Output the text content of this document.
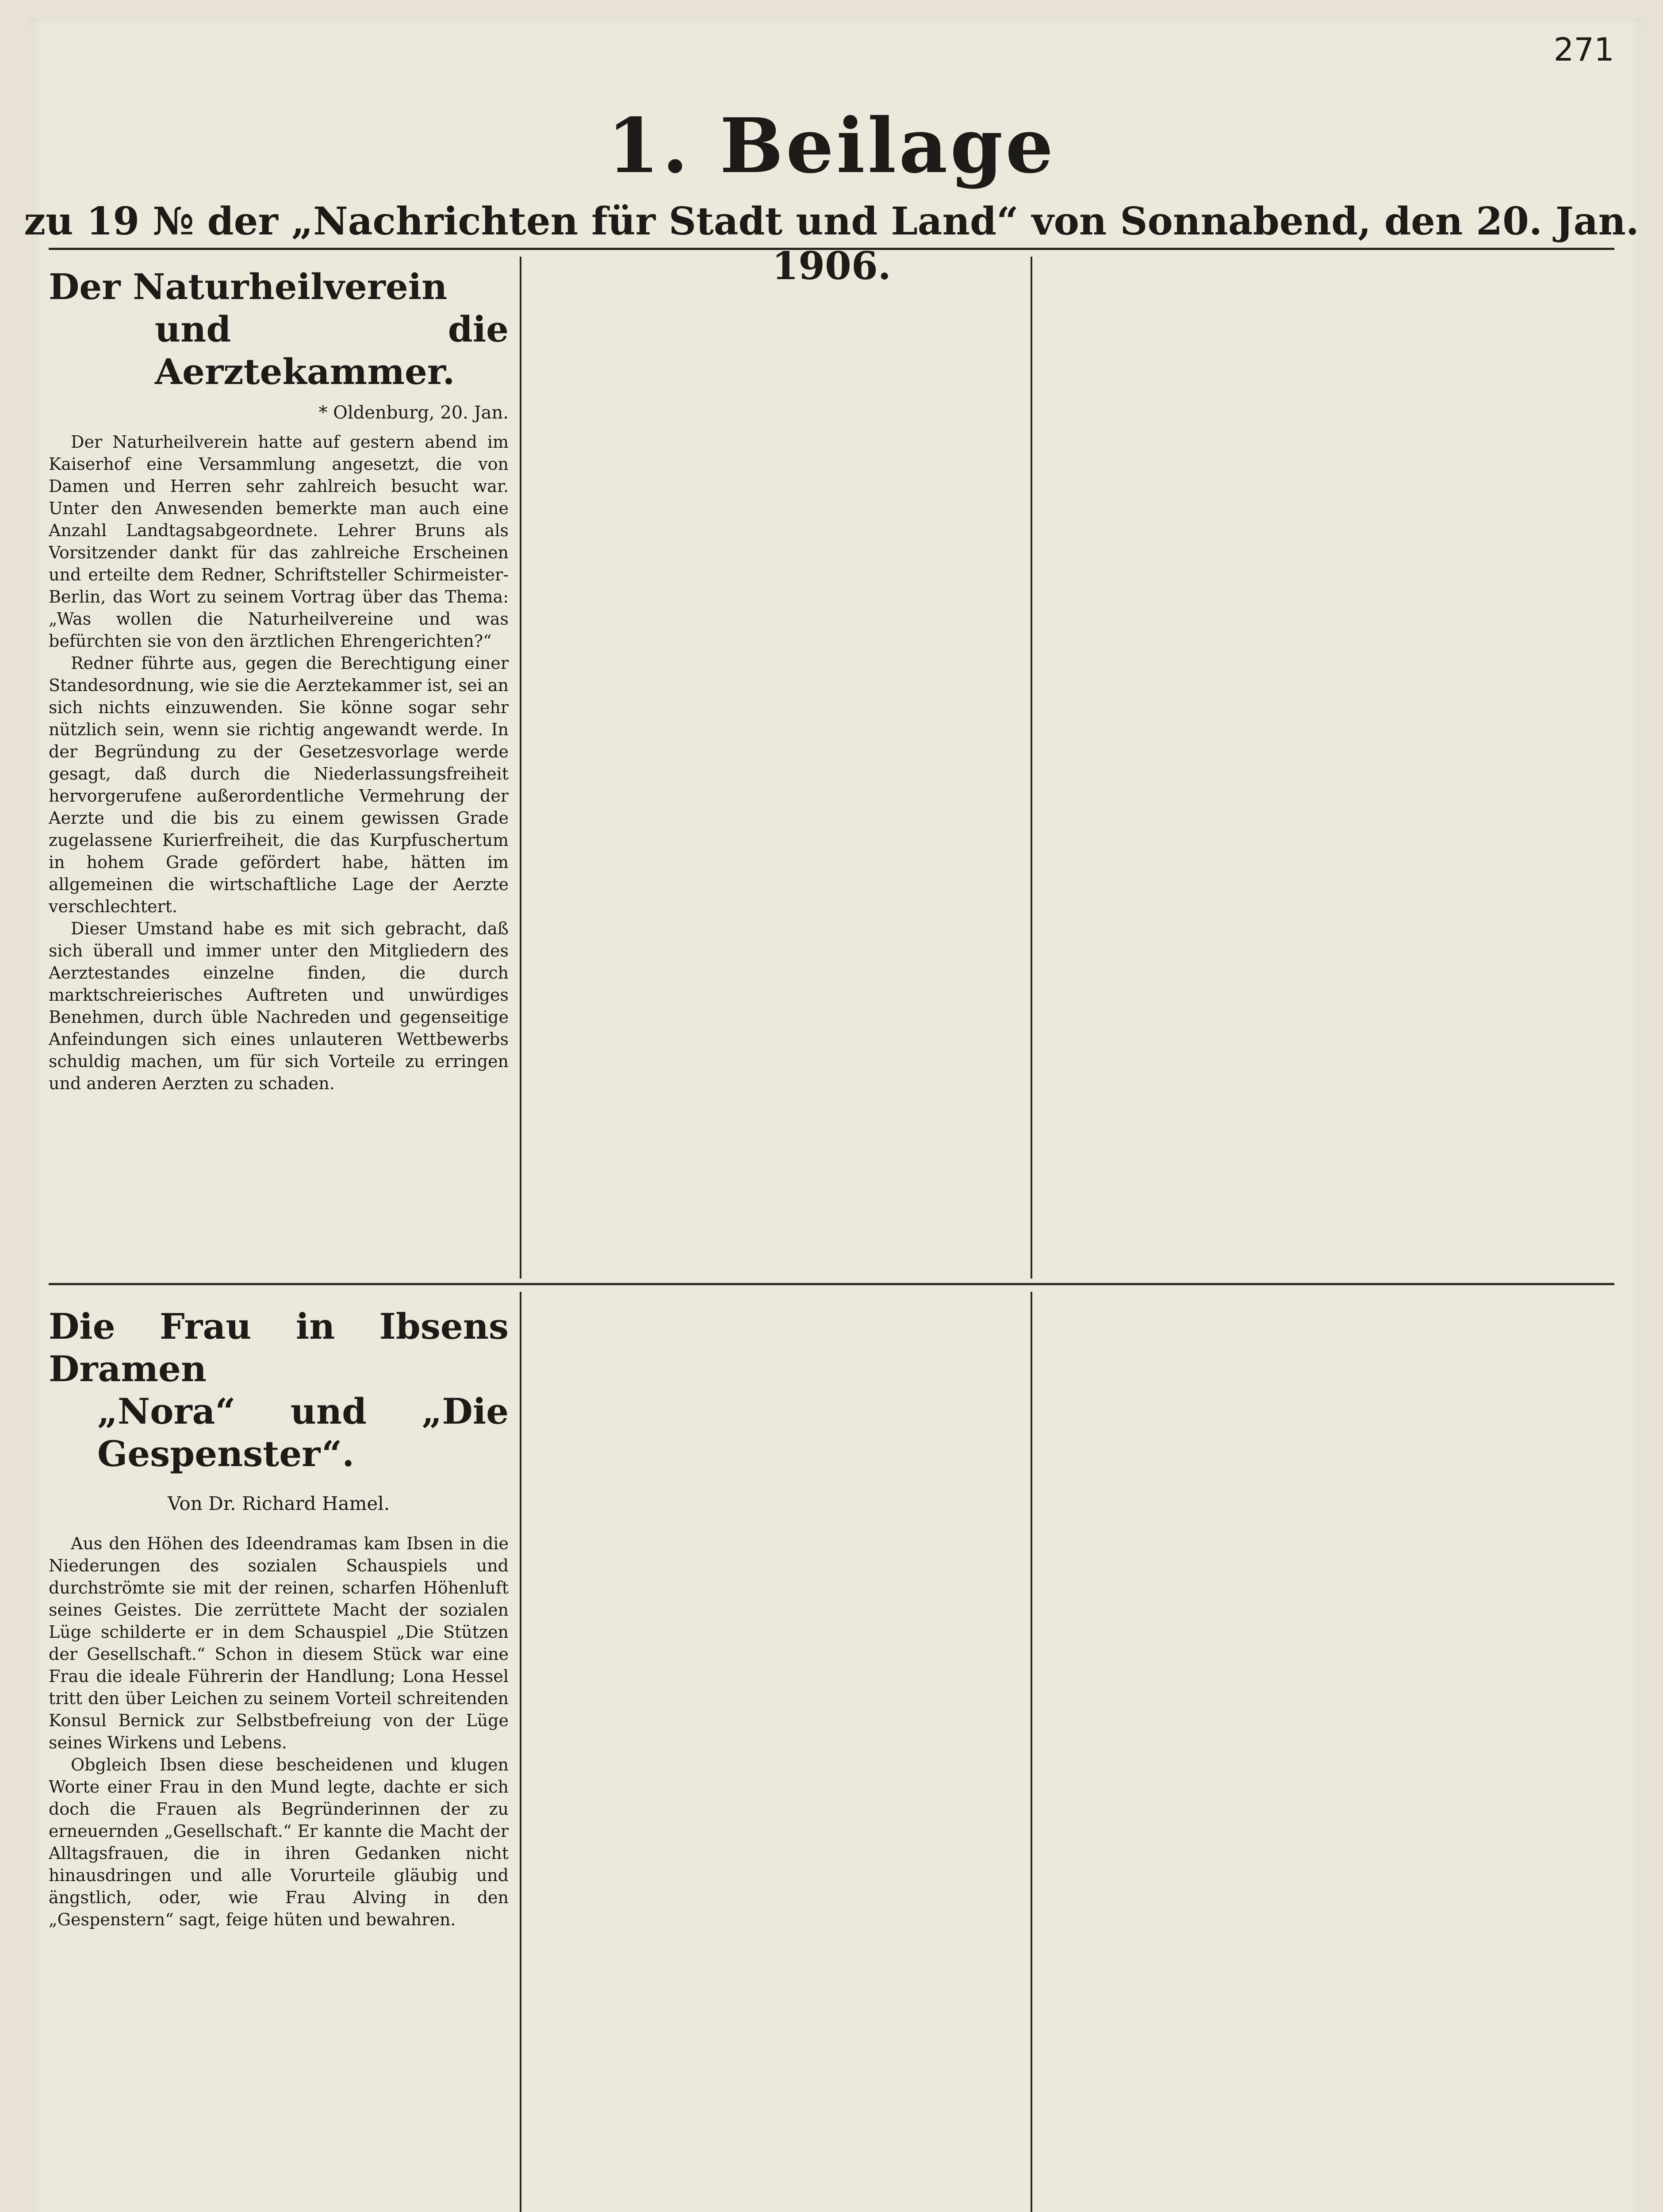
271
1. Beilage
zu 19 № der „Nachrichten für Stadt und Land“ von Sonnabend, den 20. Jan. 1906.
Der Naturheilverein
und die Aerztekammer.
* Oldenburg, 20. Jan.

Der Naturheilverein hatte auf gestern abend im Kaiserhof eine Versammlung angesetzt, die von Damen und Herren sehr zahlreich besucht war. Unter den Anwesenden bemerkte man auch eine Anzahl Landtagsabgeordnete. Lehrer Bruns als Vorsitzender dankt für das zahlreiche Erscheinen und erteilte dem Redner, Schriftsteller Schirmeister-Berlin, das Wort zu seinem Vortrag über das Thema: „Was wollen die Naturheilvereine und was befürchten sie von den ärztlichen Ehrengerichten?“

Redner führte aus, gegen die Berechtigung einer Standesordnung, wie sie die Aerztekammer ist, sei an sich nichts einzuwenden. Sie könne sogar sehr nützlich sein, wenn sie richtig angewandt werde. In der Begründung zu der Gesetzesvorlage werde gesagt, daß durch die Niederlassungsfreiheit hervorgerufene außerordentliche Vermehrung der Aerzte und die bis zu einem gewissen Grade zugelassene Kurierfreiheit, die das Kurpfuschertum in hohem Grade gefördert habe, hätten im allgemeinen die wirtschaftliche Lage der Aerzte verschlechtert.

Dieser Umstand habe es mit sich gebracht, daß sich überall und immer unter den Mitgliedern des Aerztestandes einzelne finden, die durch marktschreierisches Auftreten und unwürdiges Benehmen, durch üble Nachreden und gegenseitige Anfeindungen sich eines unlauteren Wettbewerbs schuldig machen, um für sich Vorteile zu erringen und anderen Aerzten zu schaden.

Die Frau in Ibsens Dramen
„Nora“ und „Die Gespenster“.
Von Dr. Richard Hamel.

Aus den Höhen des Ideendramas kam Ibsen in die Niederungen des sozialen Schauspiels und durchströmte sie mit der reinen, scharfen Höhenluft seines Geistes. Die zerrüttete Macht der sozialen Lüge schilderte er in dem Schauspiel „Die Stützen der Gesellschaft.“ Schon in diesem Stück war eine Frau die ideale Führerin der Handlung; Lona Hessel tritt den über Leichen zu seinem Vorteil schreitenden Konsul Bernick zur Selbstbefreiung von der Lüge seines Wirkens und Lebens.

Obgleich Ibsen diese bescheidenen und klugen Worte einer Frau in den Mund legte, dachte er sich doch die Frauen als Begründerinnen der zu erneuernden „Gesellschaft.“ Er kannte die Macht der Alltagsfrauen, die in ihren Gedanken nicht hinausdringen und alle Vorurteile gläubig und ängstlich, oder, wie Frau Alving in den „Gespenstern“ sagt, feige hüten und bewahren.
